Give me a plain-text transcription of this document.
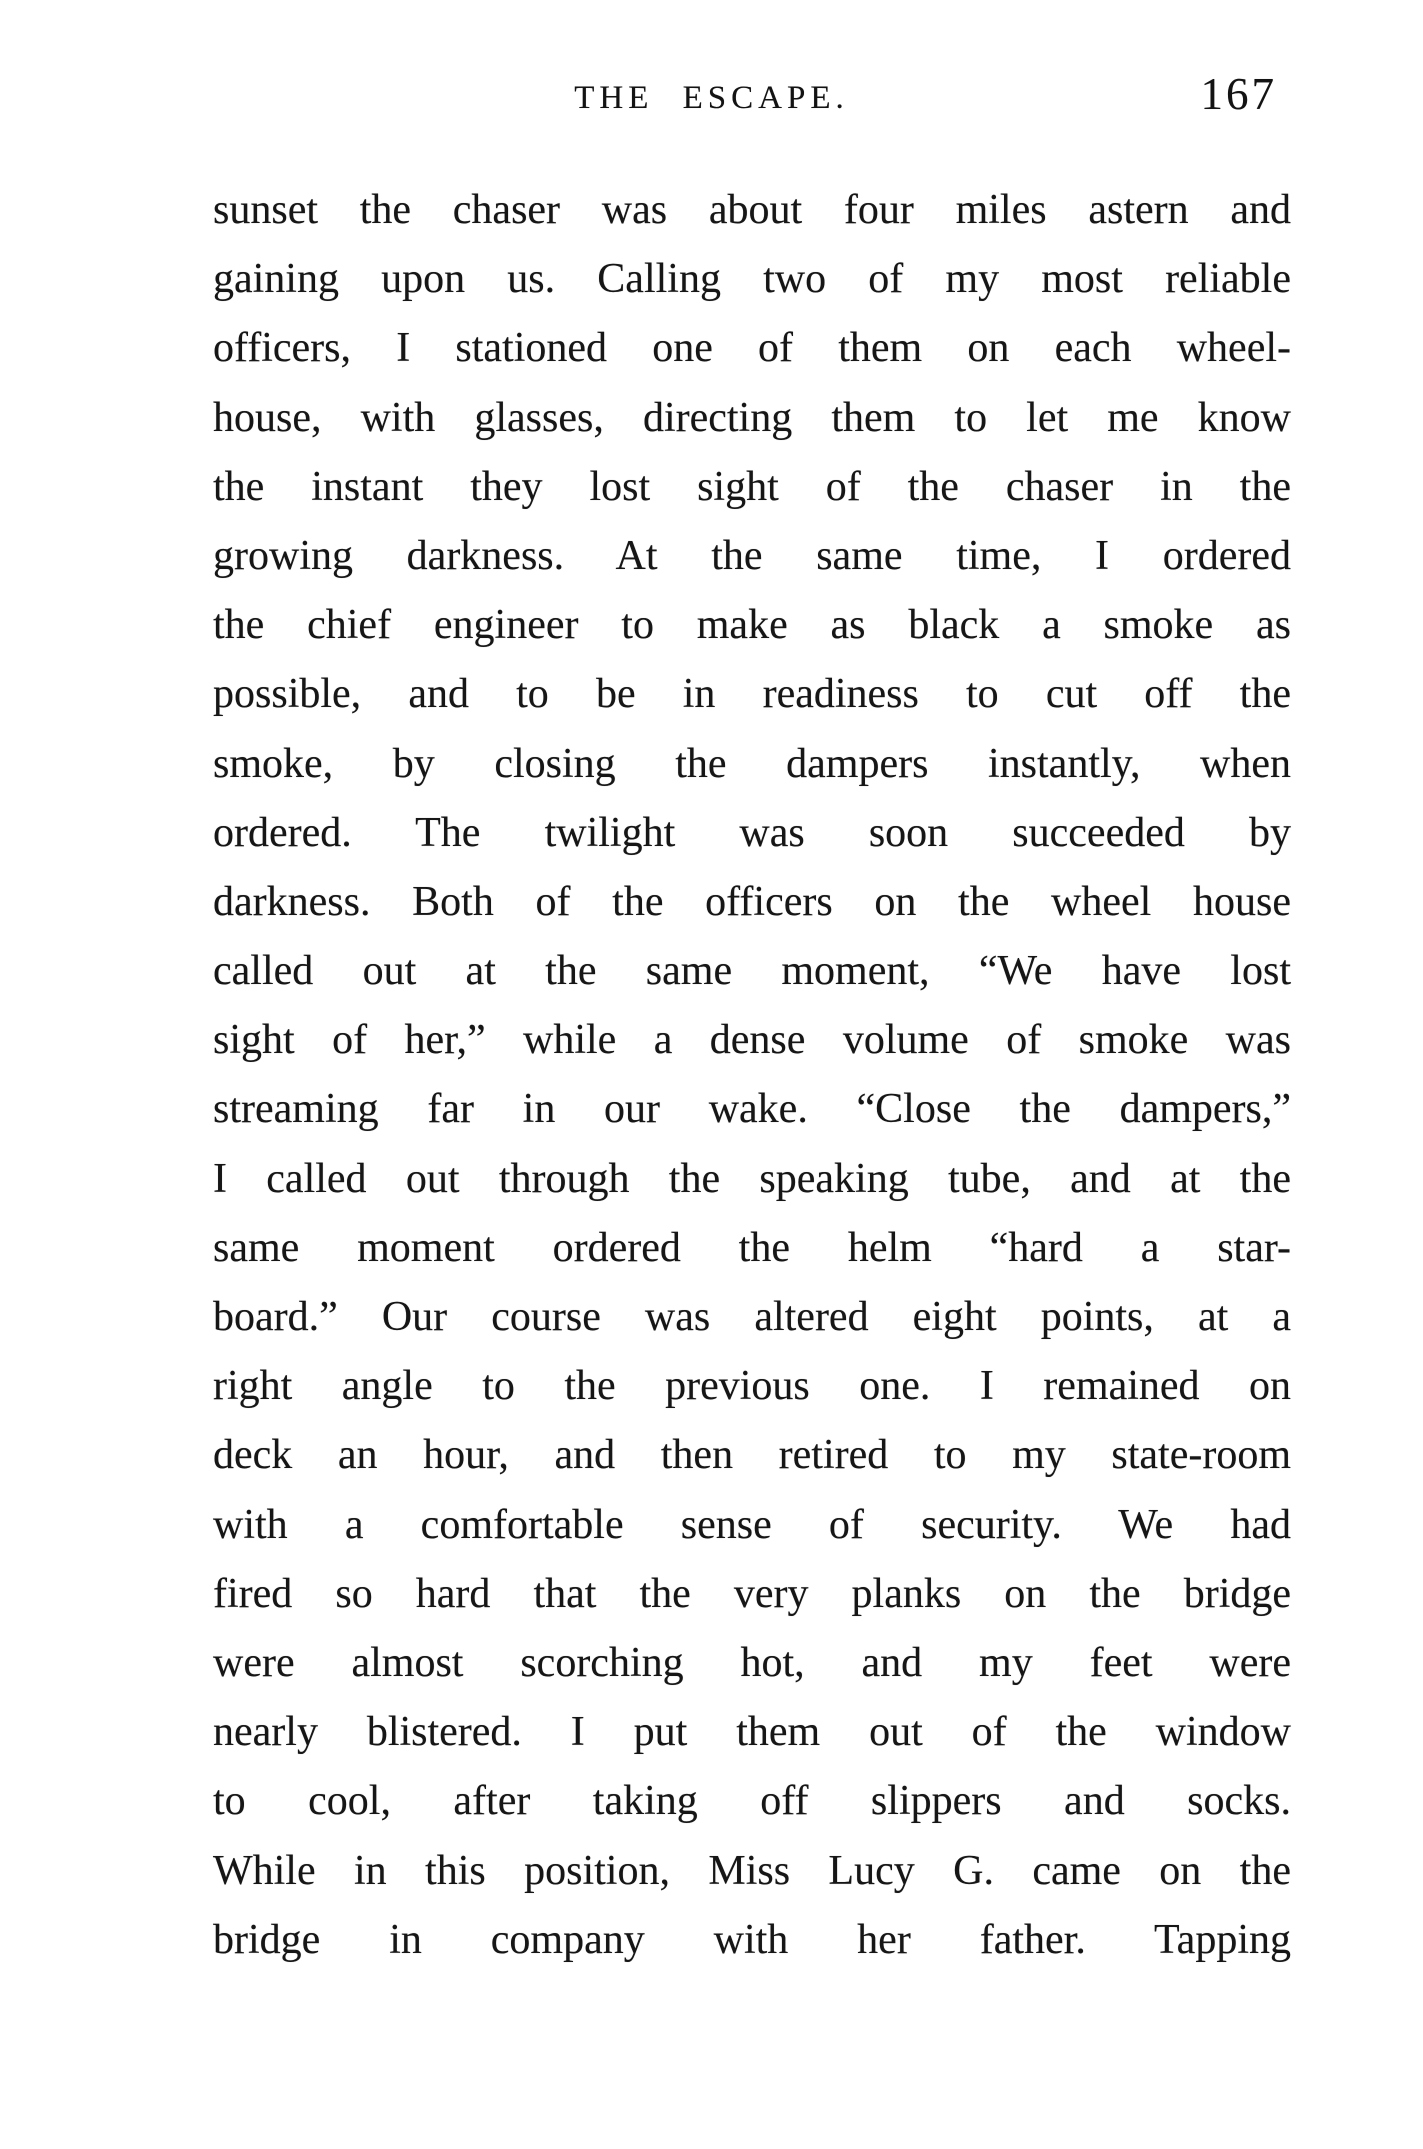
THE ESCAPE.	167
sunset the chaser was about four miles astern and
gaining upon us. Calling two of my most reliable
officers, I stationed one of them on each wheel-
house, with glasses, directing them to let me know
the instant they lost sight of the chaser in the
growing darkness. At the same time, I ordered
the chief engineer to make as black a smoke as
possible, and to be in readiness to cut off the
smoke, by closing the dampers instantly, when
ordered. The twilight was soon succeeded by
darkness. Both of the officers on the wheel house
called out at the same moment, “We have lost
sight of her,” while a dense volume of smoke was
streaming far in our wake. “Close the dampers,”
I called out through the speaking tube, and at the
same moment ordered the helm “hard a star-
board.” Our course was altered eight points, at a
right angle to the previous one. I remained on
deck an hour, and then retired to my state-room
with a comfortable sense of security. We had
fired so hard that the very planks on the bridge
were almost scorching hot, and my feet were
nearly blistered. I put them out of the window
to cool, after taking off slippers and socks.
While in this position, Miss Lucy G. came on the
bridge in company with her father. Tapping
